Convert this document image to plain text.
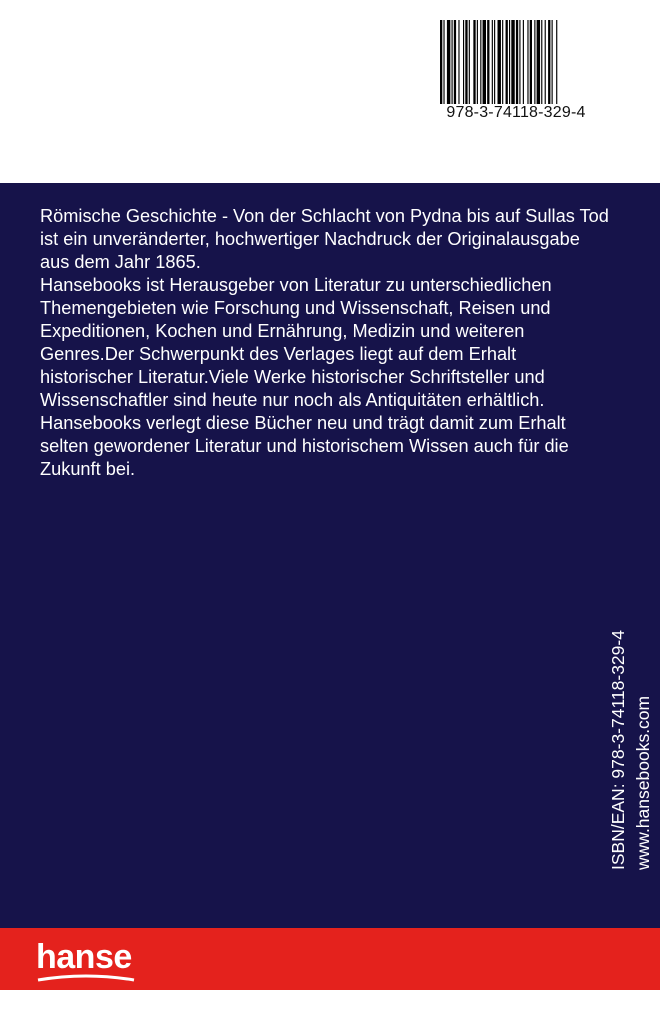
978-3-74118-329-4
Römische Geschichte - Von der Schlacht von Pydna bis auf Sullas Tod
ist ein unveränderter, hochwertiger Nachdruck der Originalausgabe
aus dem Jahr 1865.
Hansebooks ist Herausgeber von Literatur zu unterschiedlichen
Themengebieten wie Forschung und Wissenschaft, Reisen und
Expeditionen, Kochen und Ernährung, Medizin und weiteren
Genres.Der Schwerpunkt des Verlages liegt auf dem Erhalt
historischer Literatur.Viele Werke historischer Schriftsteller und
Wissenschaftler sind heute nur noch als Antiquitäten erhältlich.
Hansebooks verlegt diese Bücher neu und trägt damit zum Erhalt
selten gewordener Literatur und historischem Wissen auch für die
Zukunft bei.
ISBN/EAN: 978-3-74118-329-4 www.hansebooks.com
hanse
